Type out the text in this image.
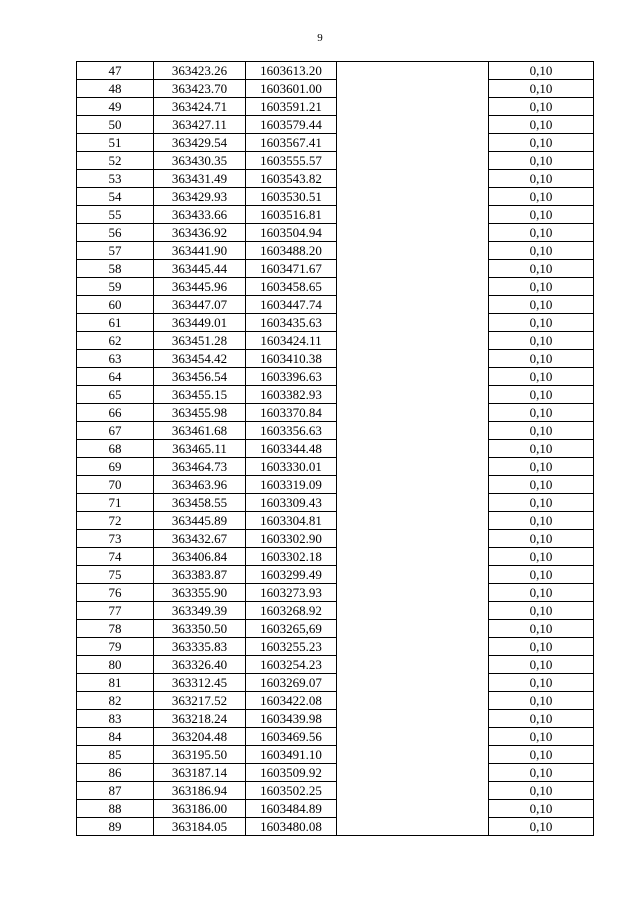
9
47	363423.26	1603613.20		0,10
48	363423.70	1603601.00		0,10
49	363424.71	1603591.21		0,10
50	363427.11	1603579.44		0,10
51	363429.54	1603567.41		0,10
52	363430.35	1603555.57		0,10
53	363431.49	1603543.82		0,10
54	363429.93	1603530.51		0,10
55	363433.66	1603516.81		0,10
56	363436.92	1603504.94		0,10
57	363441.90	1603488.20		0,10
58	363445.44	1603471.67		0,10
59	363445.96	1603458.65		0,10
60	363447.07	1603447.74		0,10
61	363449.01	1603435.63		0,10
62	363451.28	1603424.11		0,10
63	363454.42	1603410.38		0,10
64	363456.54	1603396.63		0,10
65	363455.15	1603382.93		0,10
66	363455.98	1603370.84		0,10
67	363461.68	1603356.63		0,10
68	363465.11	1603344.48		0,10
69	363464.73	1603330.01		0,10
70	363463.96	1603319.09		0,10
71	363458.55	1603309.43		0,10
72	363445.89	1603304.81		0,10
73	363432.67	1603302.90		0,10
74	363406.84	1603302.18		0,10
75	363383.87	1603299.49		0,10
76	363355.90	1603273.93		0,10
77	363349.39	1603268.92		0,10
78	363350.50	1603265,69		0,10
79	363335.83	1603255.23		0,10
80	363326.40	1603254.23		0,10
81	363312.45	1603269.07		0,10
82	363217.52	1603422.08		0,10
83	363218.24	1603439.98		0,10
84	363204.48	1603469.56		0,10
85	363195.50	1603491.10		0,10
86	363187.14	1603509.92		0,10
87	363186.94	1603502.25		0,10
88	363186.00	1603484.89		0,10
89	363184.05	1603480.08		0,10
